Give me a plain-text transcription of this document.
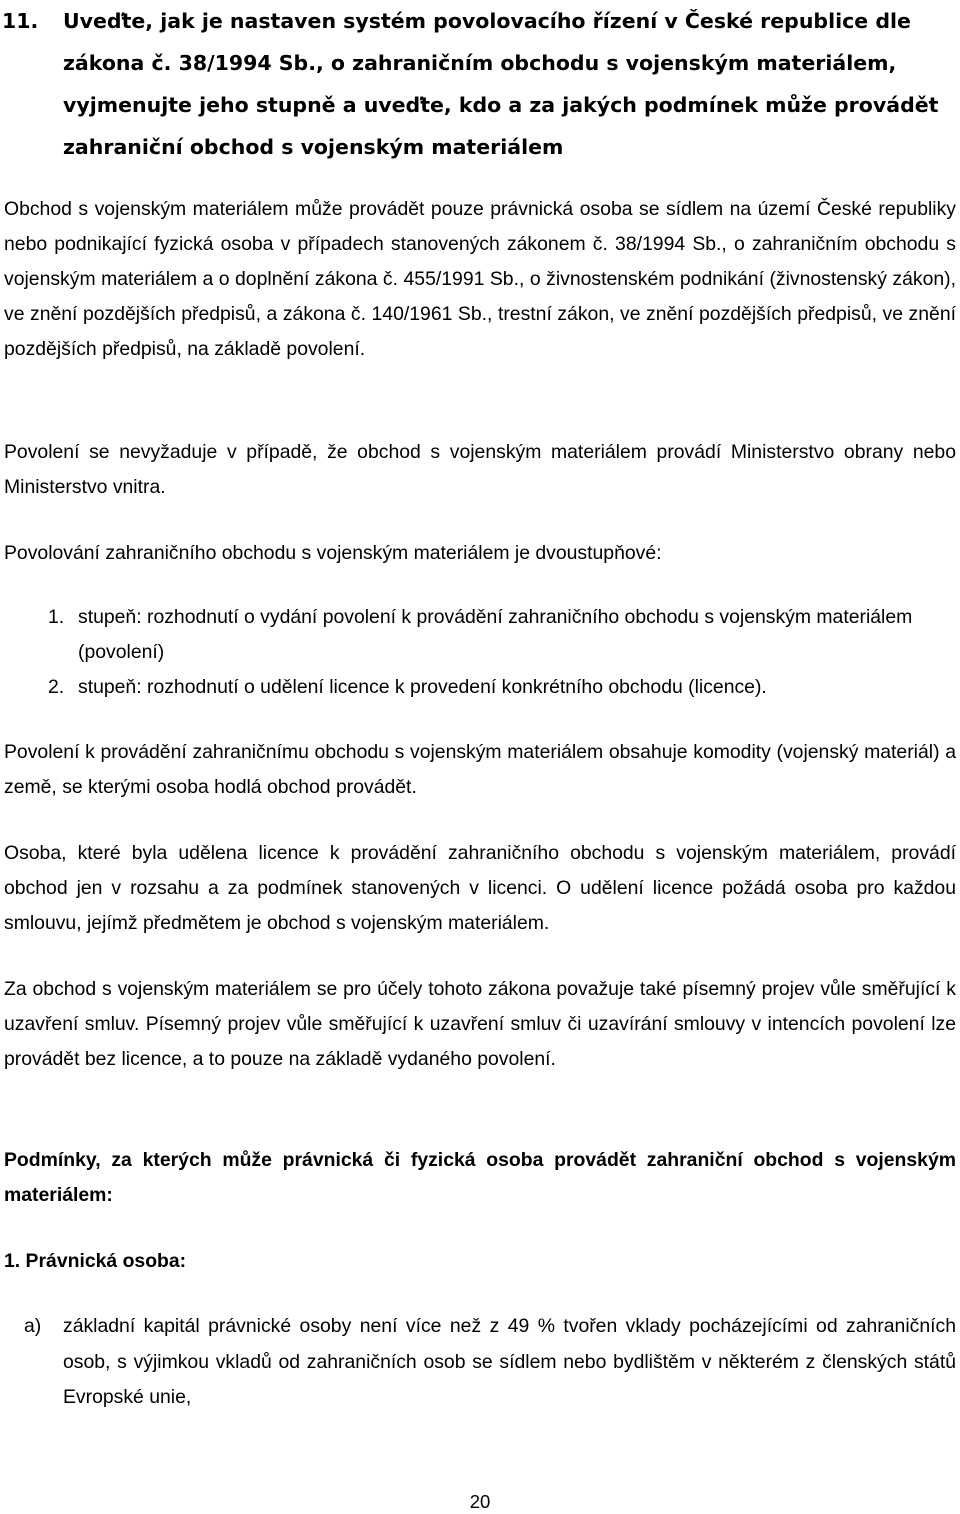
11. Uveďte, jak je nastaven systém povolovacího řízení v České republice dle zákona č. 38/1994 Sb., o zahraničním obchodu s vojenským materiálem, vyjmenujte jeho stupně a uveďte, kdo a za jakých podmínek může provádět zahraniční obchod s vojenským materiálem

Obchod s vojenským materiálem může provádět pouze právnická osoba se sídlem na území České republiky nebo podnikající fyzická osoba v případech stanovených zákonem č. 38/1994 Sb., o zahraničním obchodu s vojenským materiálem a o doplnění zákona č. 455/1991 Sb., o živnostenském podnikání (živnostenský zákon), ve znění pozdějších předpisů, a zákona č. 140/1961 Sb., trestní zákon, ve znění pozdějších předpisů, ve znění pozdějších předpisů, na základě povolení.

Povolení se nevyžaduje v případě, že obchod s vojenským materiálem provádí Ministerstvo obrany nebo Ministerstvo vnitra.

Povolování zahraničního obchodu s vojenským materiálem je dvoustupňové:

1. stupeň: rozhodnutí o vydání povolení k provádění zahraničního obchodu s vojenským materiálem (povolení)
2. stupeň: rozhodnutí o udělení licence k provedení konkrétního obchodu (licence).

Povolení k provádění zahraničnímu obchodu s vojenským materiálem obsahuje komodity (vojenský materiál) a země, se kterými osoba hodlá obchod provádět.

Osoba, které byla udělena licence k provádění zahraničního obchodu s vojenským materiálem, provádí obchod jen v rozsahu a za podmínek stanovených v licenci. O udělení licence požádá osoba pro každou smlouvu, jejímž předmětem je obchod s vojenským materiálem.

Za obchod s vojenským materiálem se pro účely tohoto zákona považuje také písemný projev vůle směřující k uzavření smluv. Písemný projev vůle směřující k uzavření smluv či uzavírání smlouvy v intencích povolení lze provádět bez licence, a to pouze na základě vydaného povolení.

Podmínky, za kterých může právnická či fyzická osoba provádět zahraniční obchod s vojenským materiálem:

1. Právnická osoba:

a) základní kapitál právnické osoby není více než z 49 % tvořen vklady pocházejícími od zahraničních osob, s výjimkou vkladů od zahraničních osob se sídlem nebo bydlištěm v některém z členských států Evropské unie,
20
